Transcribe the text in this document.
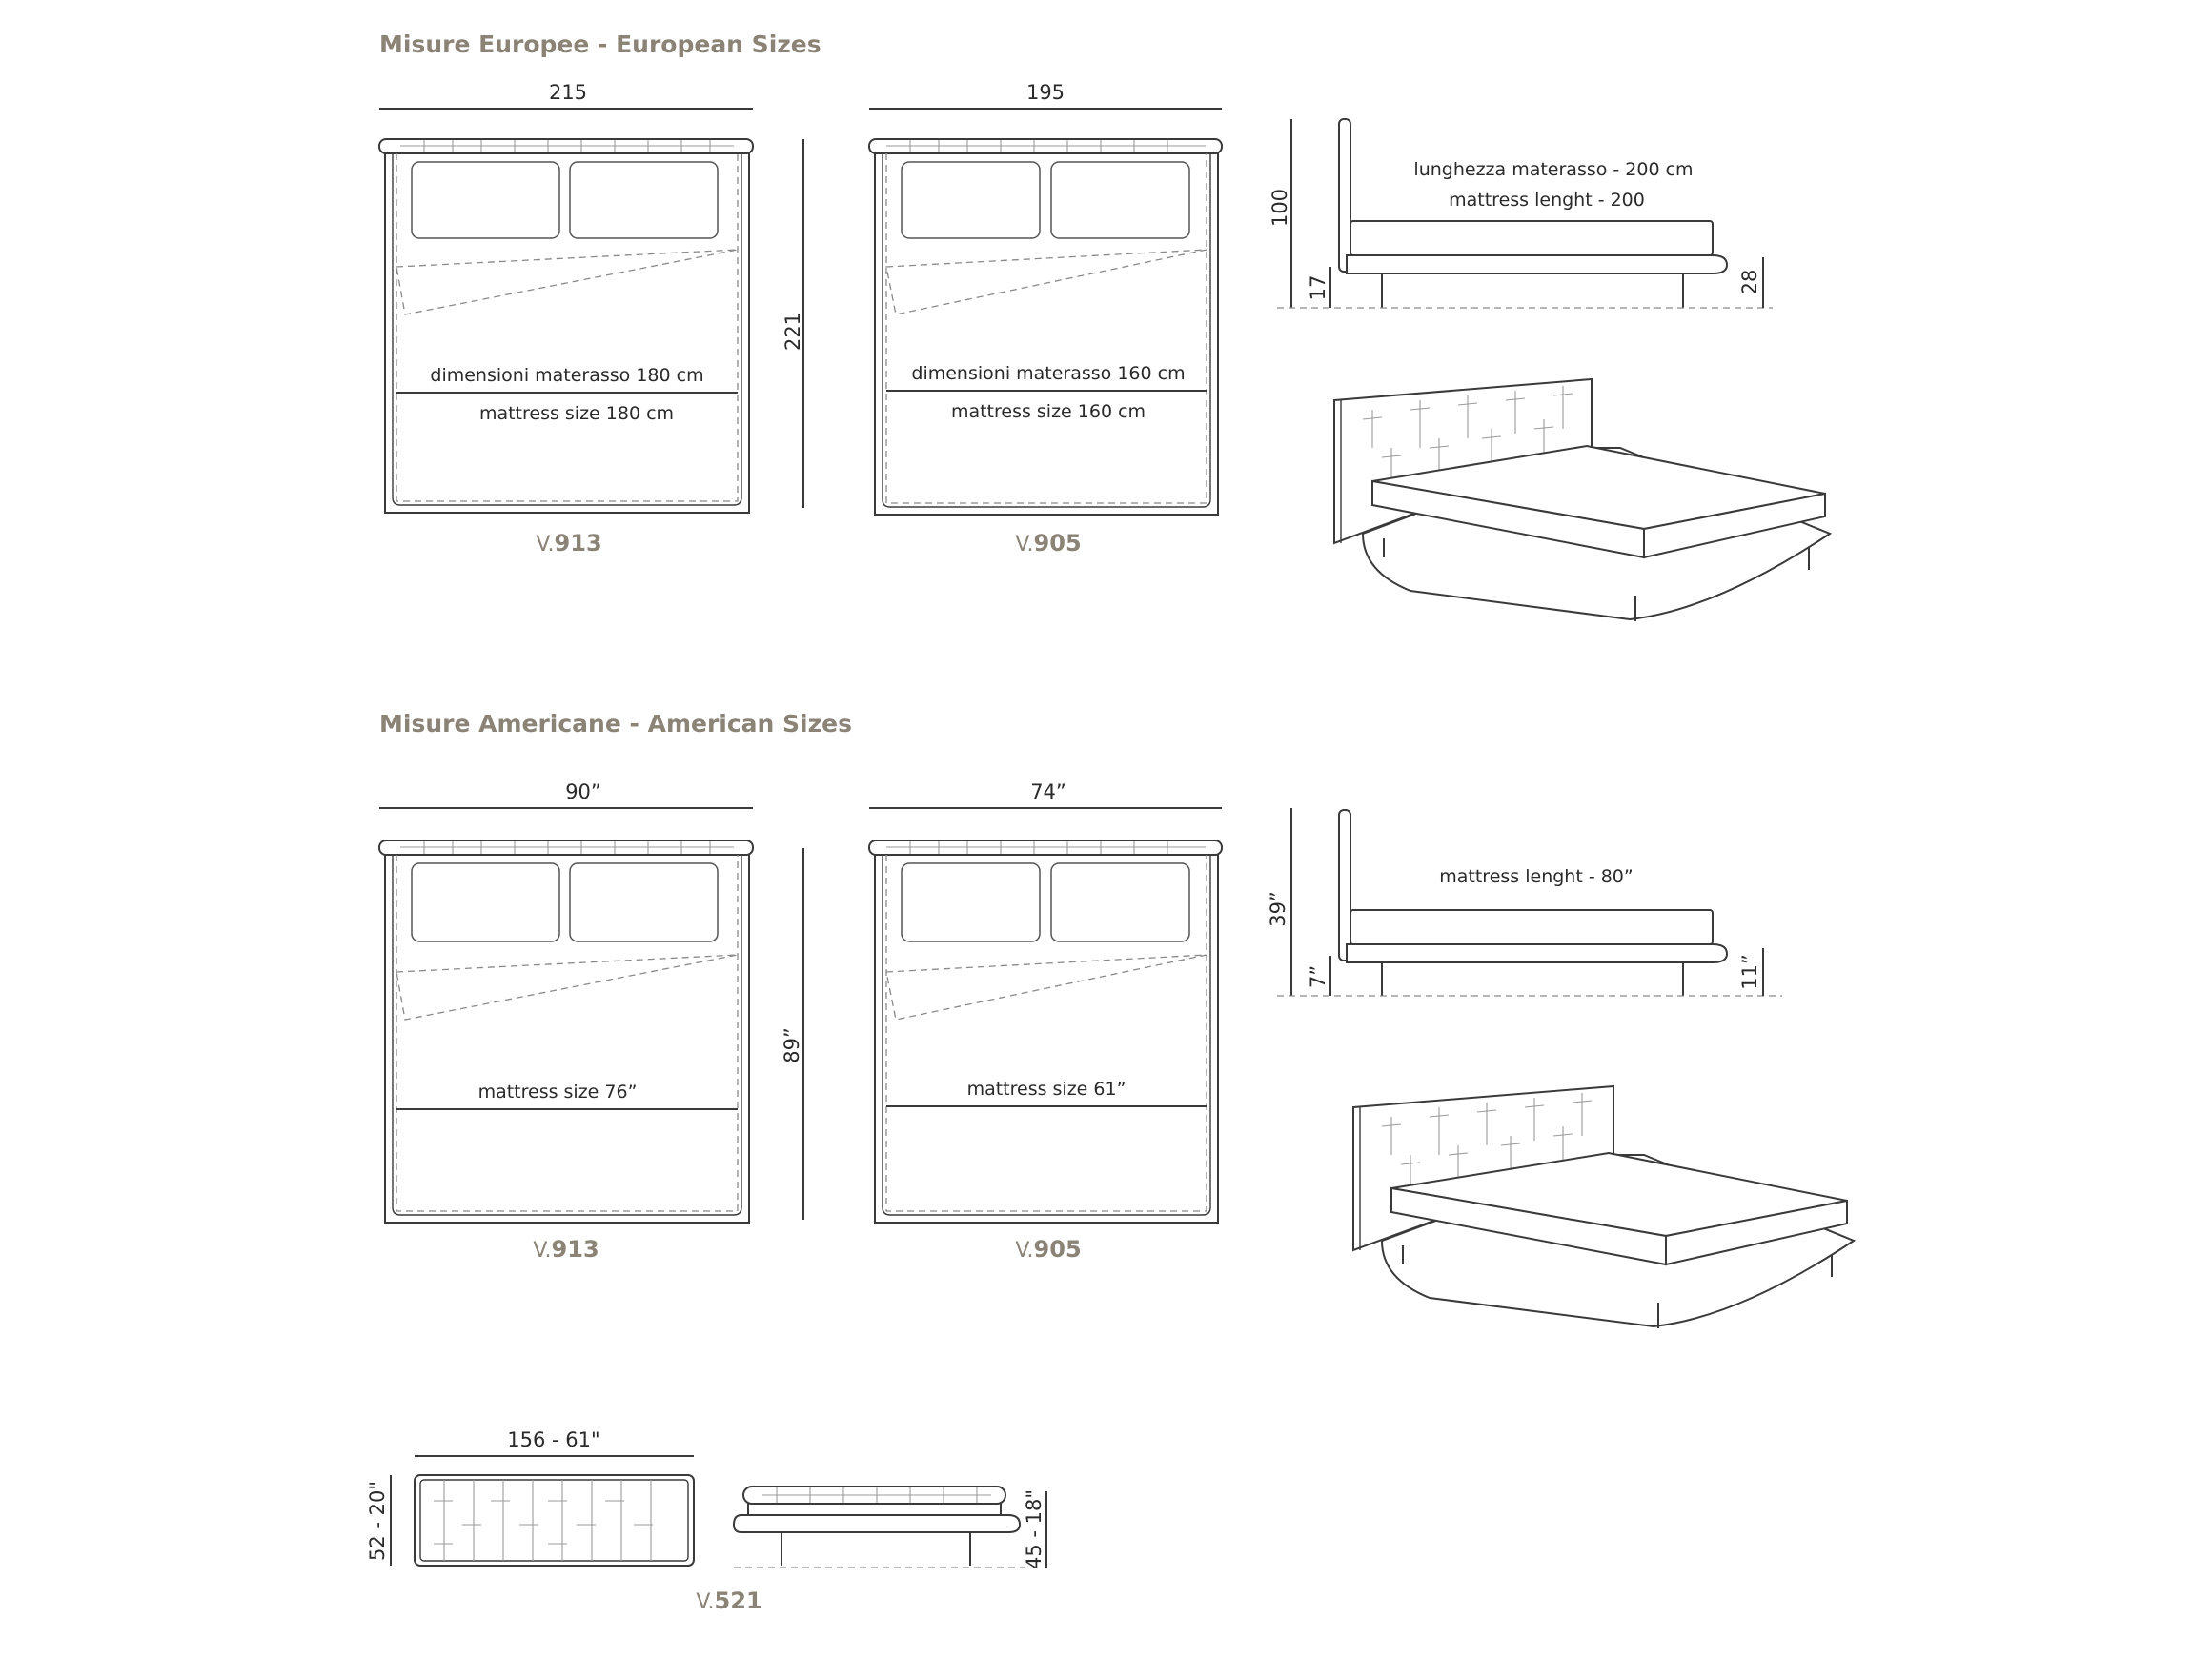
Misure Europee - European Sizes
215
dimensioni materasso 180 cm
mattress size 180 cm
221
V.913
195
dimensioni materasso 160 cm
mattress size 160 cm
V.905
100
17	28
lunghezza materasso - 200 cm
mattress lenght - 200
Misure Americane - American Sizes
90”
mattress size 76”
89”
V.913
74”
mattress size 61”
V.905
39”
7”	11”
mattress lenght - 80”
156 - 61"
52 - 20"	45 - 18"
V.521
